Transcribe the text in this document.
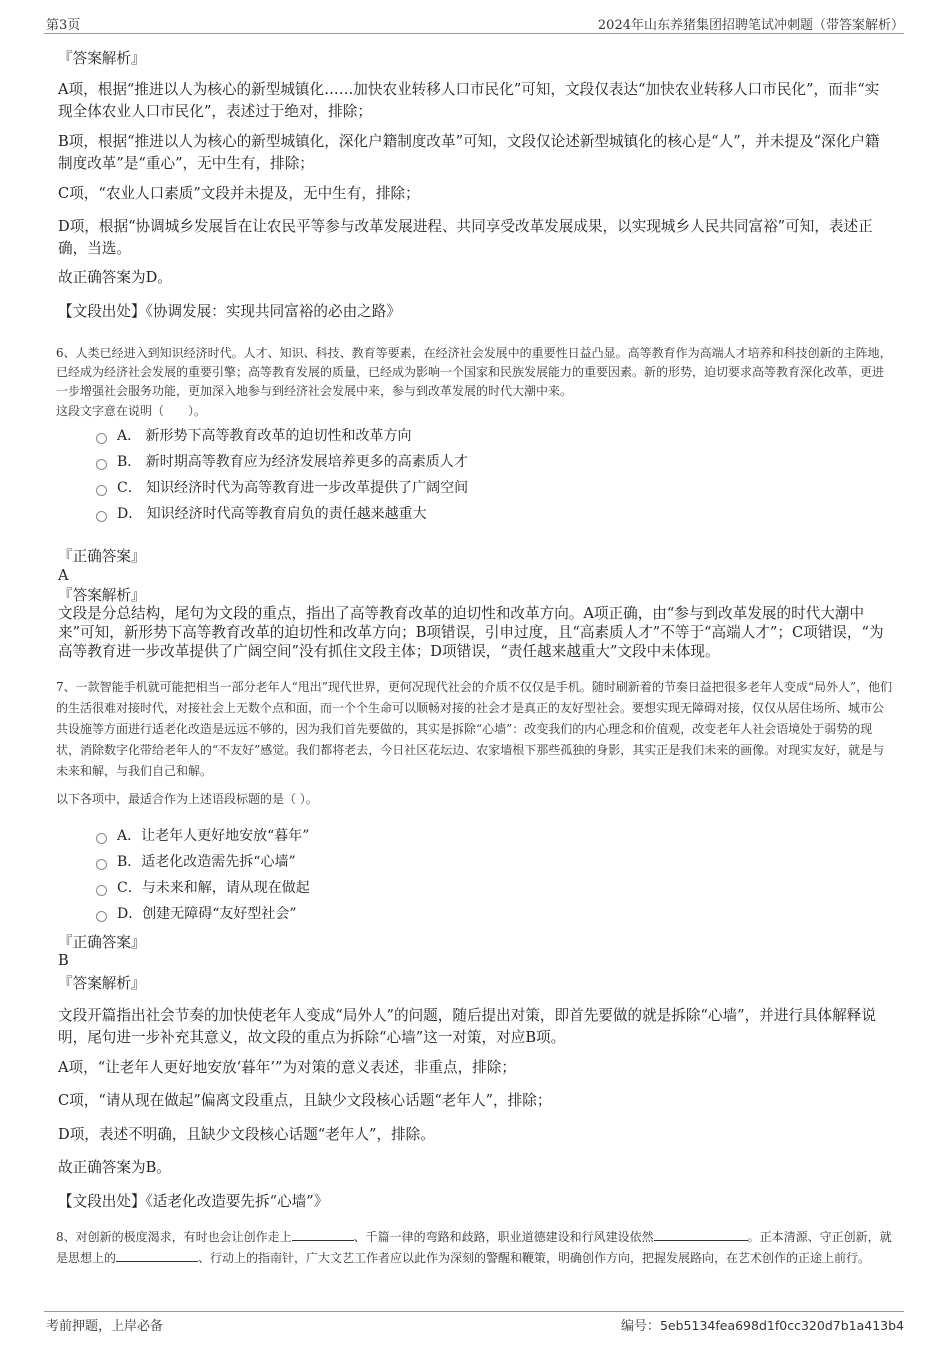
第3页	2024年山东养猪集团招聘笔试冲刺题（带答案解析）
『答案解析』
A项，根据“推进以人为核心的新型城镇化……加快农业转移人口市民化”可知，文段仅表达“加快农业转移人口市民化”，而非“实现全体农业人口市民化”，表述过于绝对，排除；
B项，根据“推进以人为核心的新型城镇化，深化户籍制度改革”可知，文段仅论述新型城镇化的核心是“人”，并未提及“深化户籍制度改革”是“重心”，无中生有，排除；
C项，“农业人口素质”文段并未提及，无中生有，排除；
D项，根据“协调城乡发展旨在让农民平等参与改革发展进程、共同享受改革发展成果，以实现城乡人民共同富裕”可知，表述正确，当选。
故正确答案为D。
【文段出处】《协调发展：实现共同富裕的必由之路》
6、人类已经进入到知识经济时代。人才、知识、科技、教育等要素，在经济社会发展中的重要性日益凸显。高等教育作为高端人才培养和科技创新的主阵地，已经成为经济社会发展的重要引擎；高等教育发展的质量，已经成为影响一个国家和民族发展能力的重要因素。新的形势，迫切要求高等教育深化改革，更进一步增强社会服务功能，更加深入地参与到经济社会发展中来，参与到改革发展的时代大潮中来。
这段文字意在说明（　　）。
A． 新形势下高等教育改革的迫切性和改革方向
B． 新时期高等教育应为经济发展培养更多的高素质人才
C． 知识经济时代为高等教育进一步改革提供了广阔空间
D． 知识经济时代高等教育肩负的责任越来越重大
『正确答案』
A
『答案解析』
文段是分总结构，尾句为文段的重点，指出了高等教育改革的迫切性和改革方向。A项正确，由“参与到改革发展的时代大潮中来”可知，新形势下高等教育改革的迫切性和改革方向；B项错误，引申过度，且“高素质人才”不等于“高端人才”；C项错误，“为高等教育进一步改革提供了广阔空间”没有抓住文段主体；D项错误，“责任越来越重大”文段中未体现。
7、一款智能手机就可能把相当一部分老年人“甩出”现代世界，更何况现代社会的介质不仅仅是手机。随时刷新着的节奏日益把很多老年人变成“局外人”，他们的生活很难对接时代，对接社会上无数个点和面，而一个个生命可以顺畅对接的社会才是真正的友好型社会。要想实现无障碍对接，仅仅从居住场所、城市公共设施等方面进行适老化改造是远远不够的，因为我们首先要做的，其实是拆除“心墙”：改变我们的内心理念和价值观，改变老年人社会语境处于弱势的现状，消除数字化带给老年人的“不友好”感觉。我们都将老去，今日社区花坛边、农家墙根下那些孤独的身影，其实正是我们未来的画像。对现实友好，就是与未来和解，与我们自己和解。
以下各项中，最适合作为上述语段标题的是（ ）。
A．让老年人更好地安放“暮年”
B．适老化改造需先拆“心墙”
C．与未来和解，请从现在做起
D．创建无障碍“友好型社会”
『正确答案』
B
『答案解析』
文段开篇指出社会节奏的加快使老年人变成“局外人”的问题，随后提出对策，即首先要做的就是拆除“心墙”，并进行具体解释说明，尾句进一步补充其意义，故文段的重点为拆除“心墙”这一对策，对应B项。
A项，“让老年人更好地安放‘暮年’”为对策的意义表述，非重点，排除；
C项，“请从现在做起”偏离文段重点，且缺少文段核心话题“老年人”，排除；
D项，表述不明确，且缺少文段核心话题“老年人”，排除。
故正确答案为B。
【文段出处】《适老化改造要先拆“心墙”》
8、对创新的极度渴求，有时也会让创作走上	、千篇一律的弯路和歧路，职业道德建设和行风建设依然	。正本清源、守正创新，就是思想上的	、行动上的指南针，广大文艺工作者应以此作为深刻的警醒和鞭策，明确创作方向，把握发展路向，在艺术创作的正途上前行。
考前押题，上岸必备	编号：5eb5134fea698d1f0cc320d7b1a413b4
